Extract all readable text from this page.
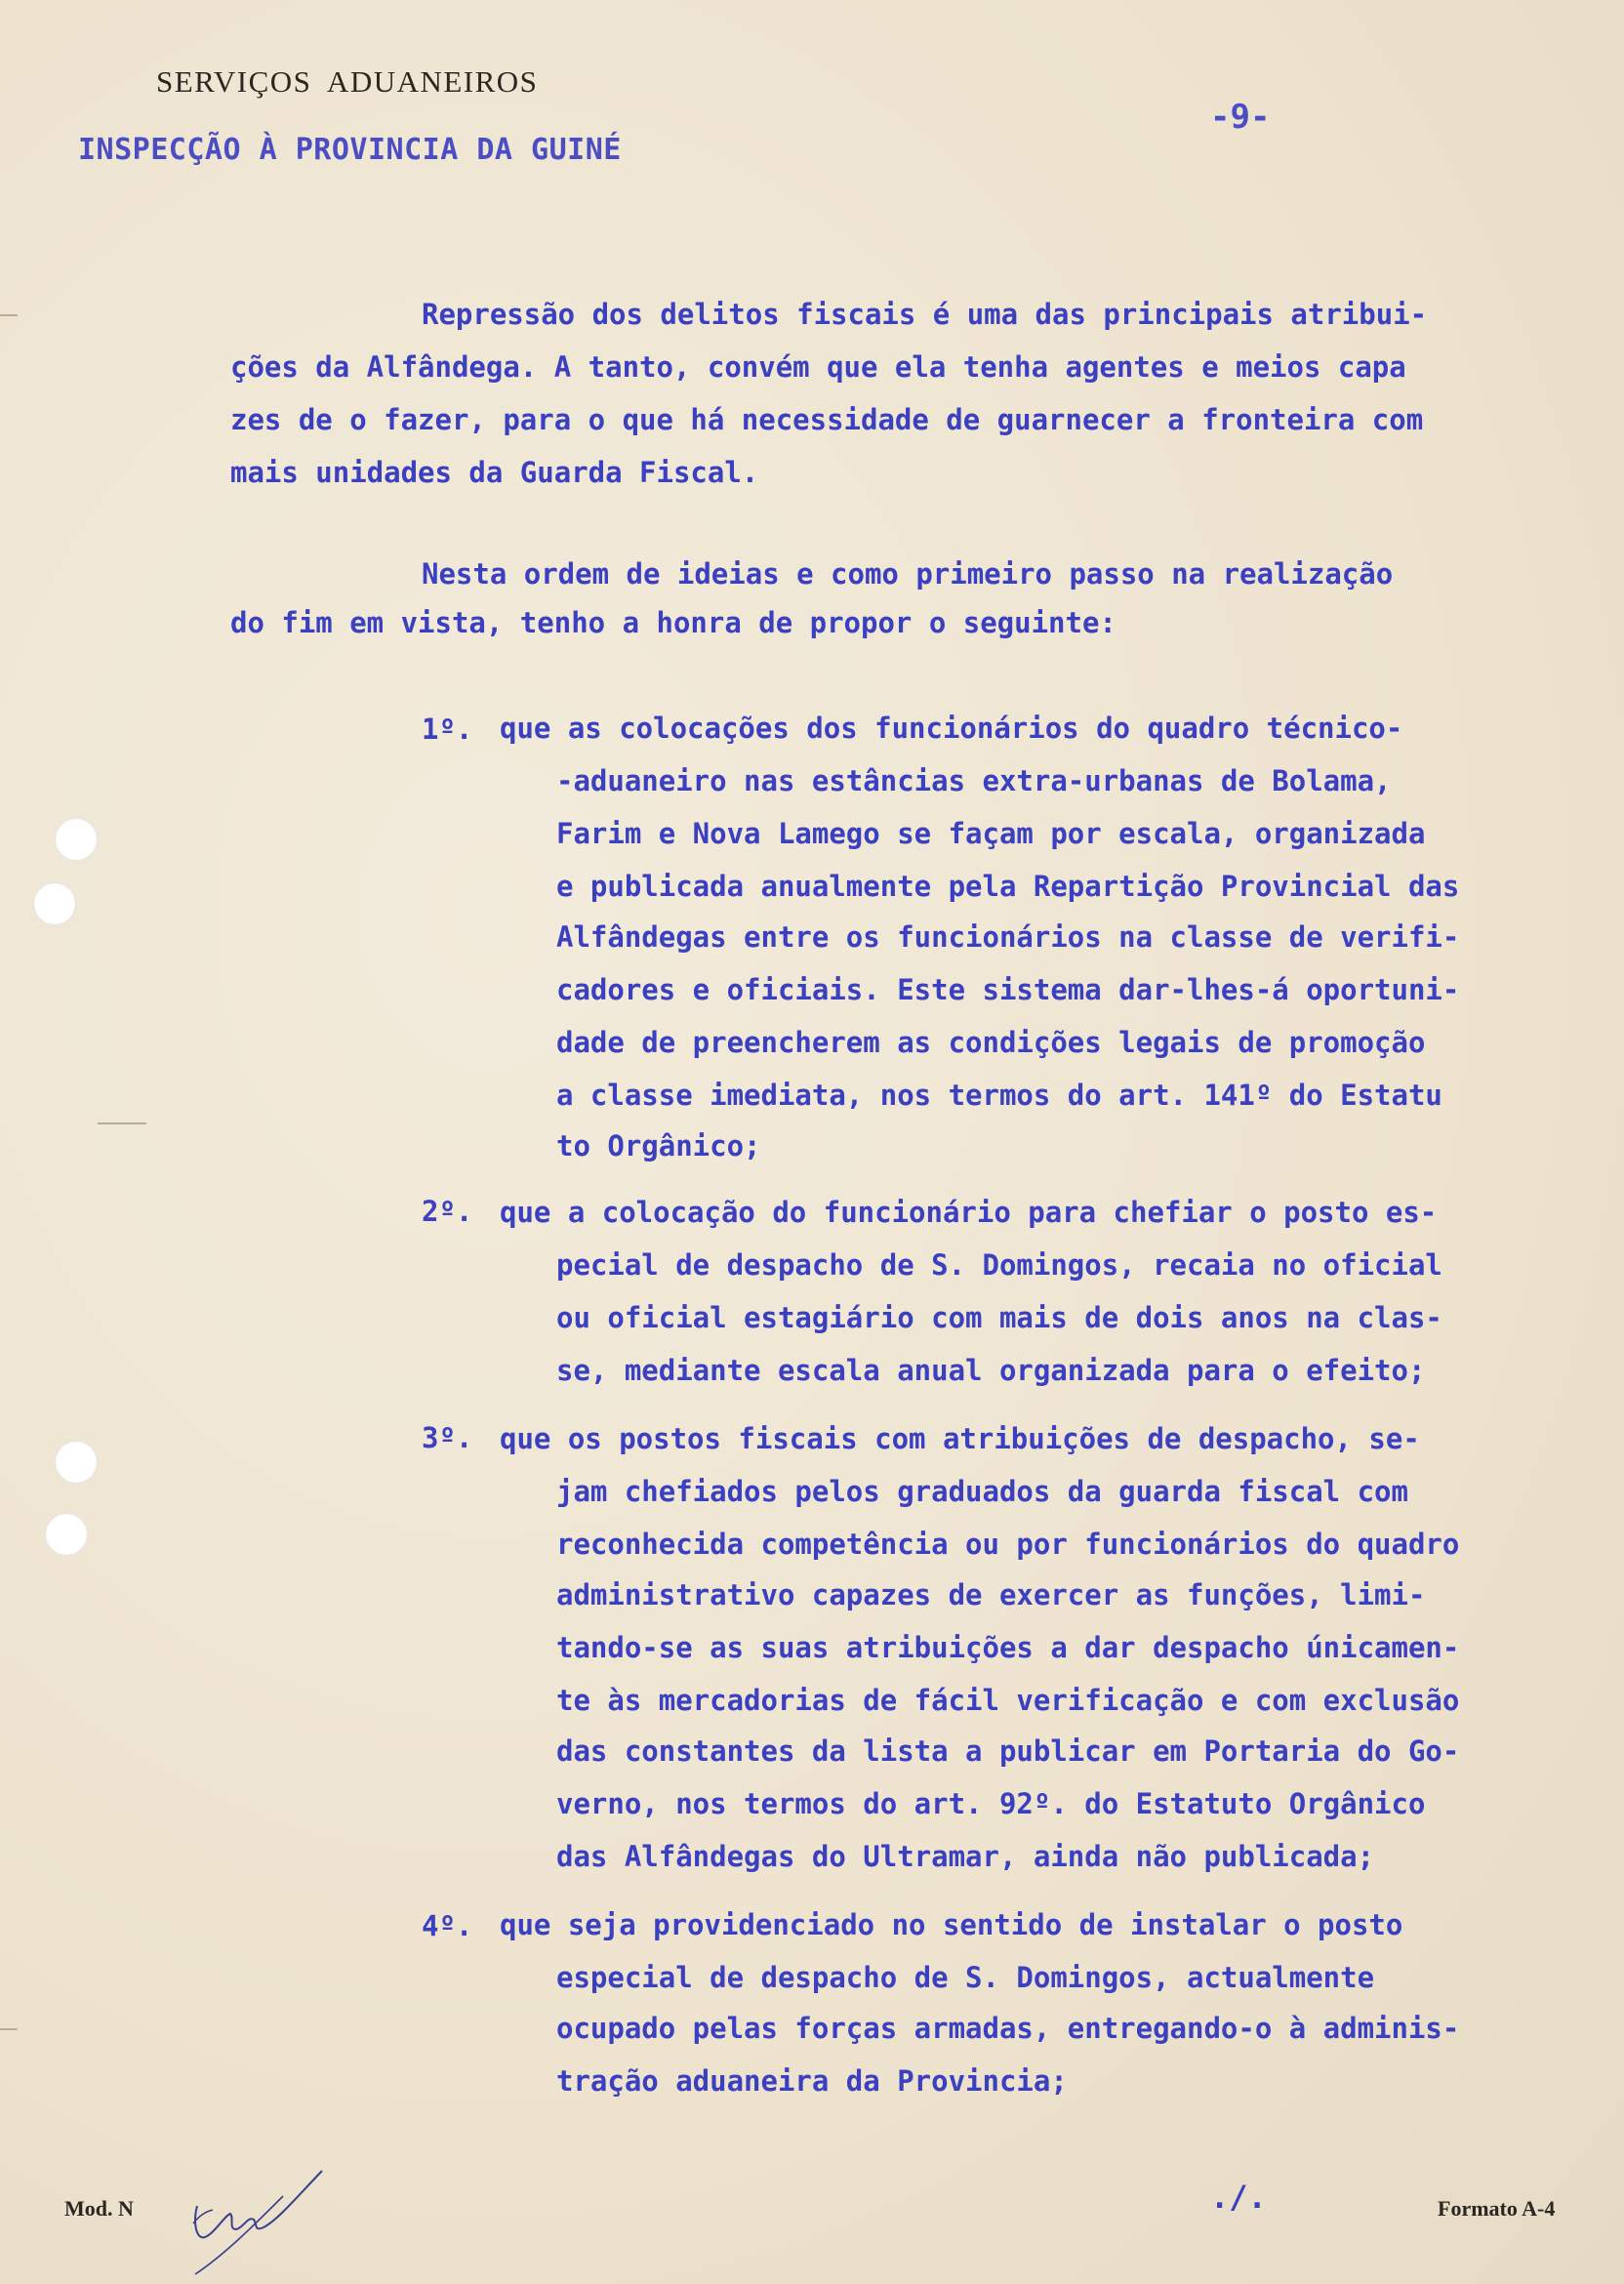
SERVIÇOS ADUANEIROS
INSPECÇÃO À PROVINCIA DA GUINÉ
-9-
Repressão dos delitos fiscais é uma das principais atribui-
ções da Alfândega. A tanto, convém que ela tenha agentes e meios capa
zes de o fazer, para o que há necessidade de guarnecer a fronteira com
mais unidades da Guarda Fiscal.
Nesta ordem de ideias e como primeiro passo na realização
do fim em vista, tenho a honra de propor o seguinte:
1º. que as colocações dos funcionários do quadro técnico-
-aduaneiro nas estâncias extra-urbanas de Bolama,
Farim e Nova Lamego se façam por escala, organizada
e publicada anualmente pela Repartição Provincial das
Alfândegas entre os funcionários na classe de verifi-
cadores e oficiais. Este sistema dar-lhes-á oportuni-
dade de preencherem as condições legais de promoção
a classe imediata, nos termos do art. 141º do Estatu
to Orgânico;
2º. que a colocação do funcionário para chefiar o posto es-
pecial de despacho de S. Domingos, recaia no oficial
ou oficial estagiário com mais de dois anos na clas-
se, mediante escala anual organizada para o efeito;
3º. que os postos fiscais com atribuições de despacho, se-
jam chefiados pelos graduados da guarda fiscal com
reconhecida competência ou por funcionários do quadro
administrativo capazes de exercer as funções, limi-
tando-se as suas atribuições a dar despacho únicamen-
te às mercadorias de fácil verificação e com exclusão
das constantes da lista a publicar em Portaria do Go-
verno, nos termos do art. 92º. do Estatuto Orgânico
das Alfândegas do Ultramar, ainda não publicada;
4º. que seja providenciado no sentido de instalar o posto
especial de despacho de S. Domingos, actualmente
ocupado pelas forças armadas, entregando-o à adminis-
tração aduaneira da Provincia;
Mod. N	./.	Formato A-4
